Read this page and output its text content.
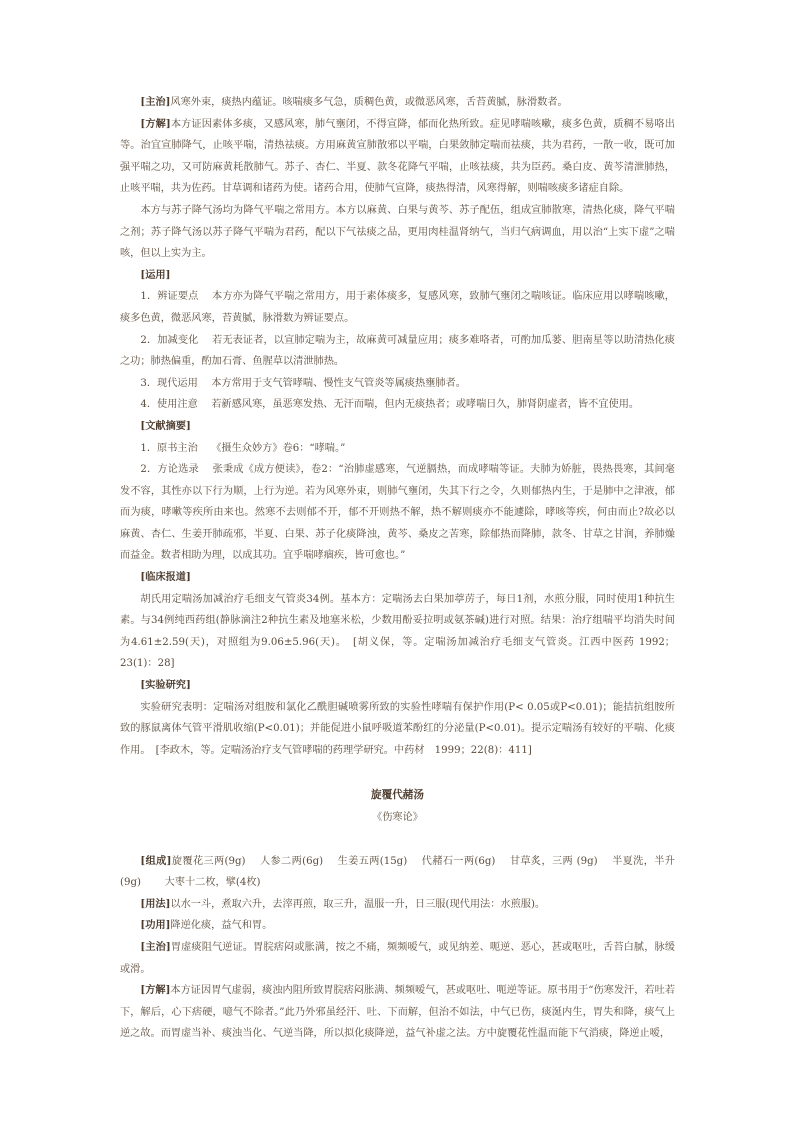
[主治]风寒外束，痰热内蕴证。咳喘痰多气急，质稠色黄，或微恶风寒，舌苔黄腻，脉滑数者。

[方解]本方证因素体多痰，又感风寒，肺气壅闭，不得宣降，郁而化热所致。症见哮喘咳嗽，痰多色黄，质稠不易咯出等。治宜宣肺降气，止咳平喘，清热祛痰。方用麻黄宣肺散邪以平喘，白果敛肺定喘而祛痰，共为君药，一散一收，既可加强平喘之功，又可防麻黄耗散肺气。苏子、杏仁、半夏、款冬花降气平喘，止咳祛痰，共为臣药。桑白皮、黄芩清泄肺热，止咳平喘，共为佐药。甘草调和诸药为使。诸药合用，使肺气宣降，痰热得清，风寒得解，则喘咳痰多诸症自除。

本方与苏子降气汤均为降气平喘之常用方。本方以麻黄、白果与黄芩、苏子配伍，组成宣肺散寒，清热化痰，降气平喘之剂；苏子降气汤以苏子降气平喘为君药，配以下气祛痰之品，更用肉桂温肾纳气，当归气病调血，用以治“上实下虚”之喘咳，但以上实为主。

[运用]

1．辨证要点　 本方亦为降气平喘之常用方，用于素体痰多，复感风寒，致肺气壅闭之喘咳证。临床应用以哮喘咳嗽，痰多色黄，微恶风寒，苔黄腻，脉滑数为辨证要点。

2．加减变化　 若无表证者，以宣肺定喘为主，故麻黄可减量应用；痰多难咯者，可酌加瓜蒌、胆南星等以助清热化痰之功；肺热偏重，酌加石膏、鱼腥草以清泄肺热。

3．现代运用　 本方常用于支气管哮喘、慢性支气管炎等属痰热壅肺者。

4．使用注意　 若新感风寒，虽恶寒发热、无汗而喘，但内无痰热者；或哮喘日久，肺肾阴虚者，皆不宜使用。

[文献摘要]

1．原书主治　 《摄生众妙方》卷6：“哮喘。”

2．方论选录　 张秉成《成方便读》，卷2：“治肺虚感寒，气逆膈热，而成哮喘等证。夫肺为娇脏，畏热畏寒，其间毫发不容，其性亦以下行为顺，上行为逆。若为风寒外束，则肺气壅闭，失其下行之令，久则郁热内生，于是肺中之津液，郁而为痰，哮嗽等疾所由来也。然寒不去则郁不开，郁不开则热不解，热不解则痰亦不能遽除，哮咳等疾，何由而止?故必以麻黄、杏仁、生姜开肺疏邪，半夏、白果、苏子化痰降浊，黄芩、桑皮之苦寒，除郁热而降肺，款冬、甘草之甘润，养肺燥而益金。数者相助为理，以成其功。宜乎喘哮痼疾，皆可愈也。”

[临床报道]

胡氏用定喘汤加减治疗毛细支气管炎34例。基本方：定喘汤去白果加葶苈子，每日1剂，水煎分服，同时使用1种抗生素。与34例纯西药组(静脉滴注2种抗生素及地塞米松，少数用酚妥拉明或氨茶碱)进行对照。结果：治疗组喘平均消失时间为4.61±2.59(天)，对照组为9.06±5.96(天)。　[胡义保，等。定喘汤加减治疗毛细支气管炎。江西中医药 1992；23(1)：28]

[实验研究]

实验研究表明：定喘汤对组胺和氯化乙酰胆碱喷雾所致的实验性哮喘有保护作用(P< 0.05或P<0.01)；能拮抗组胺所致的豚鼠离体气管平滑肌收缩(P<0.01)；并能促进小鼠呼吸道苯酚红的分泌量(P<0.01)。提示定喘汤有较好的平喘、化痰作用。　[李政木，等。定喘汤治疗支气管哮喘的药理学研究。中药材　1999；22(8)：411]

旋覆代赭汤

《伤寒论》

[组成]旋覆花三两(9g)　 人参二两(6g)　 生姜五两(15g)　 代赭石一两(6g)　 甘草炙，三两 (9g)　 半夏洗，半升(9g)　　 大枣十二枚，擘(4枚)

[用法]以水一斗，煮取六升，去滓再煎，取三升，温服一升，日三服(现代用法：水煎服)。

[功用]降逆化痰，益气和胃。

[主治]胃虚痰阻气逆证。胃脘痞闷或胀满，按之不痛，频频嗳气，或见纳差、呃逆、恶心，甚或呕吐，舌苔白腻，脉缓或滑。

[方解]本方证因胃气虚弱，痰浊内阻所致胃脘痞闷胀满、频频嗳气，甚或呕吐、呃逆等证。原书用于“伤寒发汗，若吐若下，解后，心下痞硬，噫气不除者。”此乃外邪虽经汗、吐、下而解，但治不如法，中气已伤，痰涎内生，胃失和降，痰气上逆之故。而胃虚当补、痰浊当化、气逆当降，所以拟化痰降逆，益气补虚之法。方中旋覆花性温而能下气消痰，降逆止嗳，
